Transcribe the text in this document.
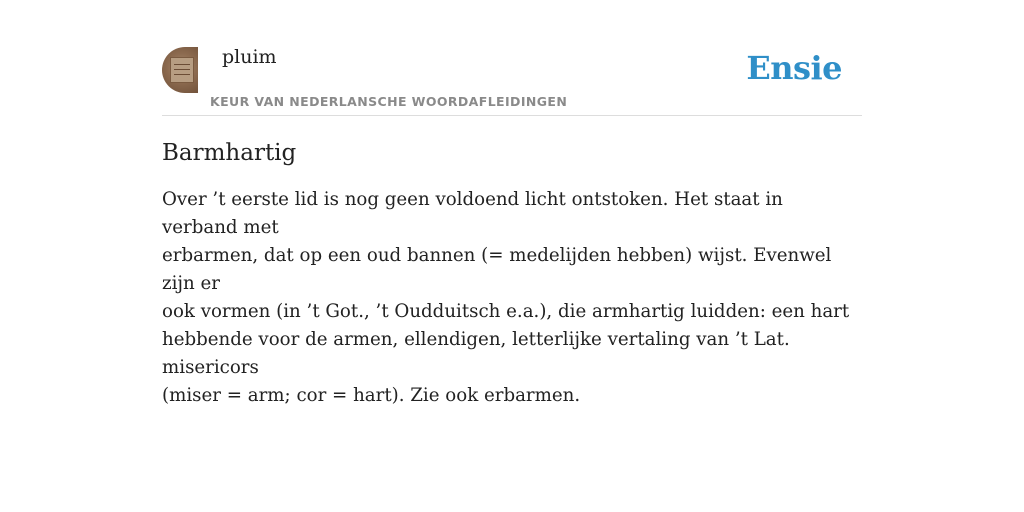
pluim
KEUR VAN NEDERLANSCHE WOORDAFLEIDINGEN
Ensie
Barmhartig
Over ’t eerste lid is nog geen voldoend licht ontstoken. Het staat in verband met
erbarmen, dat op een oud bannen (= medelijden hebben) wijst. Evenwel zijn er
ook vormen (in ’t Got., ’t Oudduitsch e.a.), die armhartig luidden: een hart
hebbende voor de armen, ellendigen, letterlijke vertaling van ’t Lat. misericors
(miser = arm; cor = hart). Zie ook erbarmen.
